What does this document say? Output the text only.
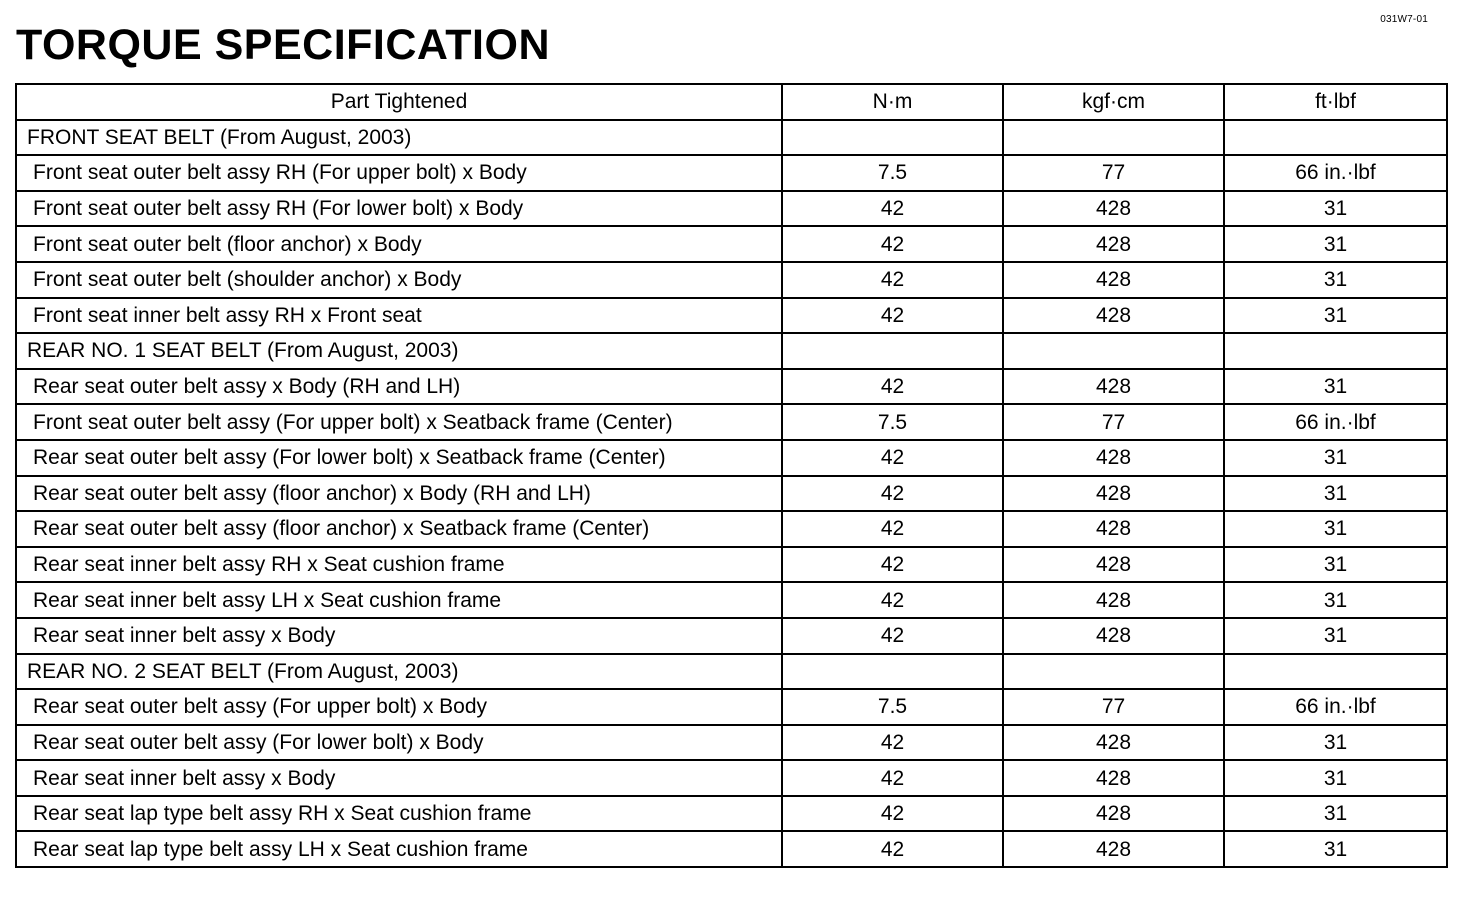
031W7-01
TORQUE SPECIFICATION
Part Tightened	N·m	kgf·cm	ft·lbf
FRONT SEAT BELT (From August, 2003)			
Front seat outer belt assy RH (For upper bolt) x Body	7.5	77	66 in.·lbf
Front seat outer belt assy RH (For lower bolt) x Body	42	428	31
Front seat outer belt (floor anchor) x Body	42	428	31
Front seat outer belt (shoulder anchor) x Body	42	428	31
Front seat inner belt assy RH x Front seat	42	428	31
REAR NO. 1 SEAT BELT (From August, 2003)			
Rear seat outer belt assy x Body (RH and LH)	42	428	31
Front seat outer belt assy (For upper bolt) x Seatback frame (Center)	7.5	77	66 in.·lbf
Rear seat outer belt assy (For lower bolt) x Seatback frame (Center)	42	428	31
Rear seat outer belt assy (floor anchor) x Body (RH and LH)	42	428	31
Rear seat outer belt assy (floor anchor) x Seatback frame (Center)	42	428	31
Rear seat inner belt assy RH x Seat cushion frame	42	428	31
Rear seat inner belt assy LH x Seat cushion frame	42	428	31
Rear seat inner belt assy x Body	42	428	31
REAR NO. 2 SEAT BELT (From August, 2003)			
Rear seat outer belt assy (For upper bolt) x Body	7.5	77	66 in.·lbf
Rear seat outer belt assy (For lower bolt) x Body	42	428	31
Rear seat inner belt assy x Body	42	428	31
Rear seat lap type belt assy RH x Seat cushion frame	42	428	31
Rear seat lap type belt assy LH x Seat cushion frame	42	428	31
